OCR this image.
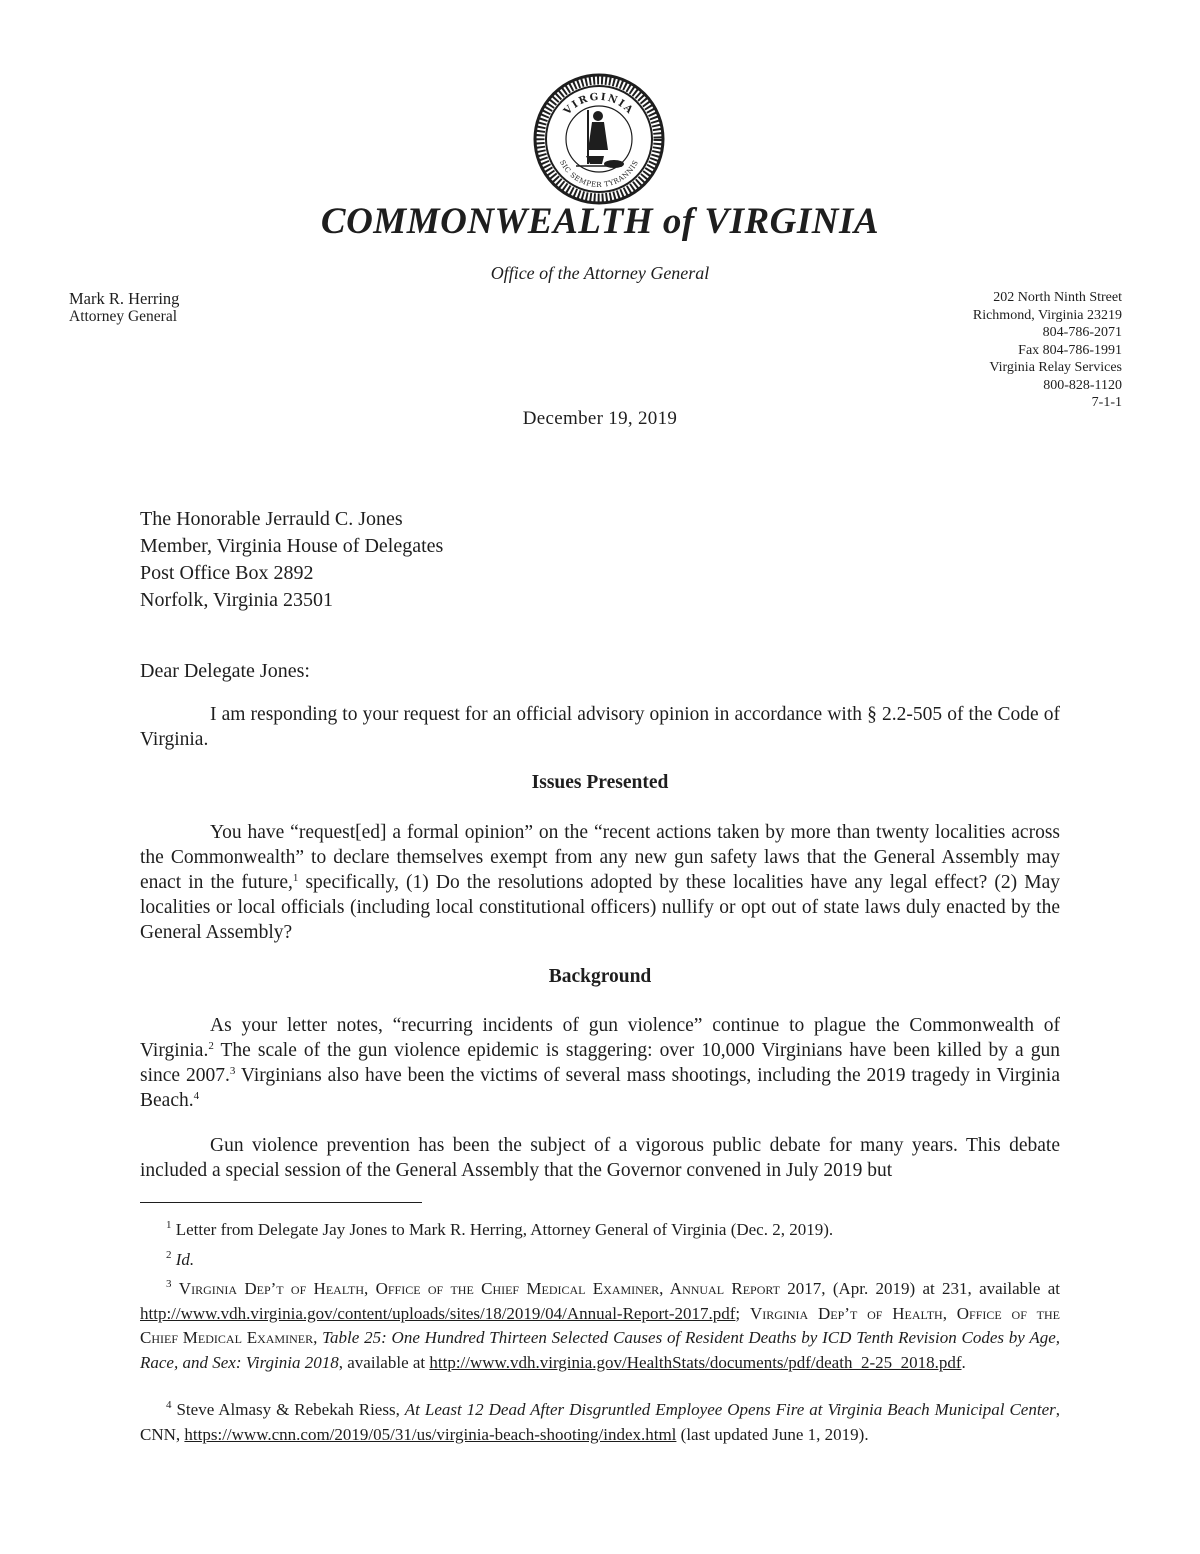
VIRGINIA
SIC SEMPER TYRANNIS
COMMONWEALTH of VIRGINIA
Office of the Attorney General
Mark R. Herring
Attorney General
202 North Ninth Street
Richmond, Virginia 23219
804-786-2071
Fax 804-786-1991
Virginia Relay Services
800-828-1120
7-1-1
December 19, 2019
The Honorable Jerrauld C. Jones
Member, Virginia House of Delegates
Post Office Box 2892
Norfolk, Virginia 23501
Dear Delegate Jones:

I am responding to your request for an official advisory opinion in accordance with § 2.2-505 of the Code of Virginia.

Issues Presented

You have “request[ed] a formal opinion” on the “recent actions taken by more than twenty localities across the Commonwealth” to declare themselves exempt from any new gun safety laws that the General Assembly may enact in the future,$^1$ specifically, (1) Do the resolutions adopted by these localities have any legal effect? (2) May localities or local officials (including local constitutional officers) nullify or opt out of state laws duly enacted by the General Assembly?

Background

As your letter notes, “recurring incidents of gun violence” continue to plague the Commonwealth of Virginia.$^2$ The scale of the gun violence epidemic is staggering: over 10,000 Virginians have been killed by a gun since 2007.$^3$ Virginians also have been the victims of several mass shootings, including the 2019 tragedy in Virginia Beach.$^4$

Gun violence prevention has been the subject of a vigorous public debate for many years. This debate included a special session of the General Assembly that the Governor convened in July 2019 but

$^1$ Letter from Delegate Jay Jones to Mark R. Herring, Attorney General of Virginia (Dec. 2, 2019).

$^2$ Id.

$^3$ Virginia Dep’t of Health, Office of the Chief Medical Examiner, Annual Report 2017, (Apr. 2019) at 231, available at http://www.vdh.virginia.gov/content/uploads/sites/18/2019/04/Annual-Report-2017.pdf; Virginia Dep’t of Health, Office of the Chief Medical Examiner, Table 25: One Hundred Thirteen Selected Causes of Resident Deaths by ICD Tenth Revision Codes by Age, Race, and Sex: Virginia 2018, available at http://www.vdh.virginia.gov/HealthStats/documents/pdf/death_2-25_2018.pdf.

$^4$ Steve Almasy & Rebekah Riess, At Least 12 Dead After Disgruntled Employee Opens Fire at Virginia Beach Municipal Center, CNN, https://www.cnn.com/2019/05/31/us/virginia-beach-shooting/index.html (last updated June 1, 2019).
